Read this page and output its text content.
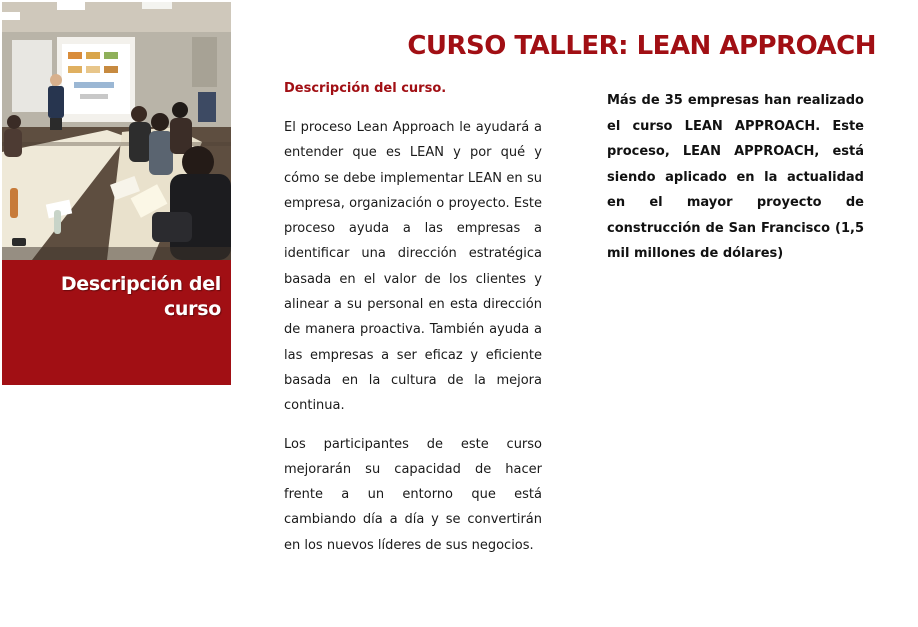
Descripción del curso
CURSO TALLER: LEAN APPROACH
Descripción del curso.

El proceso Lean Approach le ayudará a entender que es LEAN y por qué y cómo se debe implementar LEAN en su empresa, organización o proyecto. Este proceso ayuda a las empresas a identificar una dirección estratégica basada en el valor de los clientes y alinear a su personal en esta dirección de manera proactiva. También ayuda a las empresas a ser eficaz y eficiente basada en la cultura de la mejora continua.

Los participantes de este curso mejorarán su capacidad de hacer frente a un entorno que está cambiando día a día y se convertirán en los nuevos líderes de sus negocios.

Más de 35 empresas han realizado el curso LEAN APPROACH. Este proceso, LEAN APPROACH, está siendo aplicado en la actualidad en el mayor proyecto de construcción de San Francisco (1,5 mil millones de dólares)
